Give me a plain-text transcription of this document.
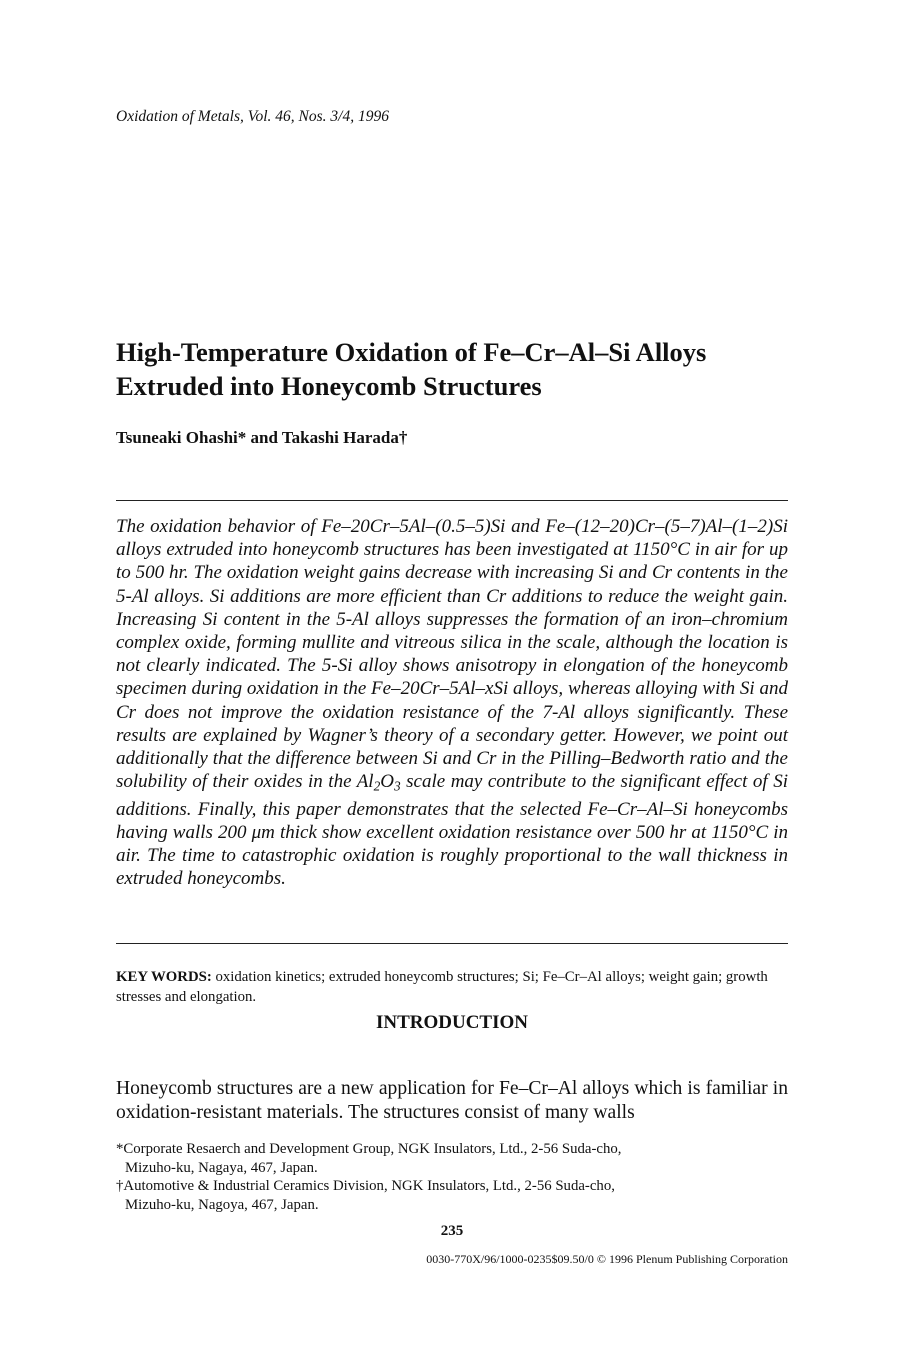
Oxidation of Metals, Vol. 46, Nos. 3/4, 1996
High-Temperature Oxidation of Fe–Cr–Al–Si Alloys
Extruded into Honeycomb Structures
Tsuneaki Ohashi* and Takashi Harada†

The oxidation behavior of Fe–20Cr–5Al–(0.5–5)Si and Fe–(12–20)Cr–(5–7)Al–(1–2)Si alloys extruded into honeycomb structures has been investigated at 1150°C in air for up to 500 hr. The oxidation weight gains decrease with increasing Si and Cr contents in the 5-Al alloys. Si additions are more efficient than Cr additions to reduce the weight gain. Increasing Si content in the 5-Al alloys suppresses the formation of an iron–chromium complex oxide, forming mullite and vitreous silica in the scale, although the location is not clearly indicated. The 5-Si alloy shows anisotropy in elongation of the honeycomb specimen during oxidation in the Fe–20Cr–5Al–xSi alloys, whereas alloying with Si and Cr does not improve the oxidation resistance of the 7-Al alloys significantly. These results are explained by Wagner’s theory of a secondary getter. However, we point out additionally that the difference between Si and Cr in the Pilling–Bedworth ratio and the solubility of their oxides in the $Al_2O_3$ scale may contribute to the significant effect of Si additions. Finally, this paper demonstrates that the selected Fe–Cr–Al–Si honeycombs having walls 200 μm thick show excellent oxidation resistance over 500 hr at 1150°C in air. The time to catastrophic oxidation is roughly proportional to the wall thickness in extruded honeycombs.

KEY WORDS: oxidation kinetics; extruded honeycomb structures; Si; Fe–Cr–Al alloys; weight gain; growth stresses and elongation.
INTRODUCTION

Honeycomb structures are a new application for Fe–Cr–Al alloys which is familiar in oxidation-resistant materials. The structures consist of many walls

*Corporate Resaerch and Development Group, NGK Insulators, Ltd., 2-56 Suda-cho,
Mizuho-ku, Nagaya, 467, Japan.
†Automotive & Industrial Ceramics Division, NGK Insulators, Ltd., 2-56 Suda-cho,
Mizuho-ku, Nagoya, 467, Japan.
235
0030-770X/96/1000-0235$09.50/0 © 1996 Plenum Publishing Corporation
